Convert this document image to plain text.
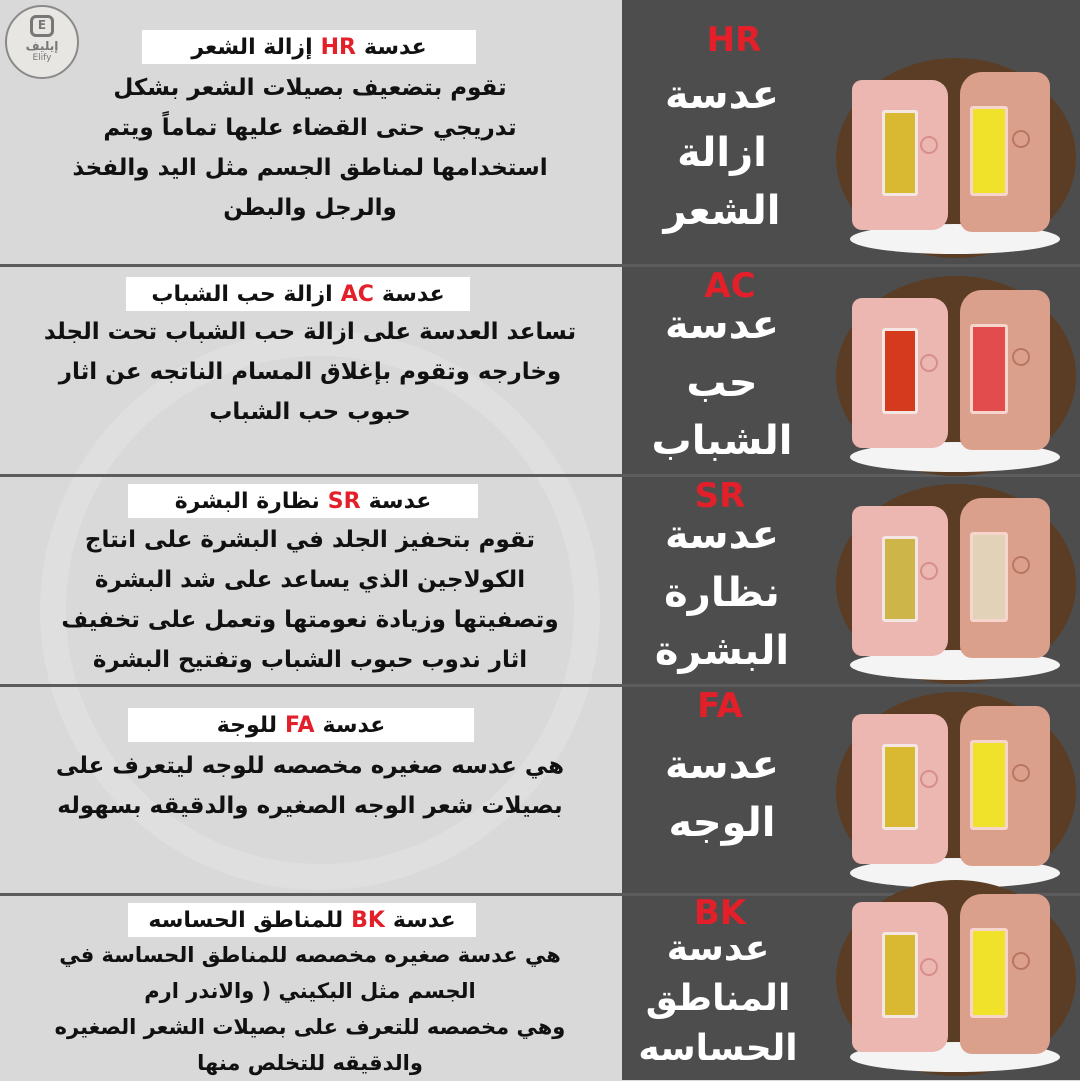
E
إيليف
Elify	عدسة
HR
إزالة الشعر
تقوم بتضعيف بصيلات الشعر بشكل
تدريجي حتى القضاء عليها تماماً ويتم
استخدامها لمناطق الجسم مثل اليد والفخذ
والرجل والبطن
HR
عدسة
ازالة
الشعر
عدسة
AC
ازالة حب الشباب
تساعد العدسة على ازالة حب الشباب تحت الجلد
وخارجه وتقوم بإغلاق المسام الناتجه عن اثار
حبوب حب الشباب
AC
عدسة
حب
الشباب
عدسة
SR
نظارة البشرة
تقوم بتحفيز الجلد في البشرة على انتاج
الكولاجين الذي يساعد على شد البشرة
وتصفيتها وزيادة نعومتها وتعمل على تخفيف
اثار ندوب حبوب الشباب وتفتيح البشرة
SR
عدسة
نظارة
البشرة
عدسة
FA
للوجة
هي عدسه صغيره مخصصه للوجه ليتعرف على
بصيلات شعر الوجه الصغيره والدقيقه بسهوله
FA
عدسة
الوجه
عدسة
BK
للمناطق الحساسه
هي عدسة صغيره مخصصه للمناطق الحساسة في
الجسم مثل البكيني ( والاندر ارم
وهي مخصصه للتعرف على بصيلات الشعر الصغيره
والدقيقه للتخلص منها
BK
عدسة
المناطق
الحساسه
